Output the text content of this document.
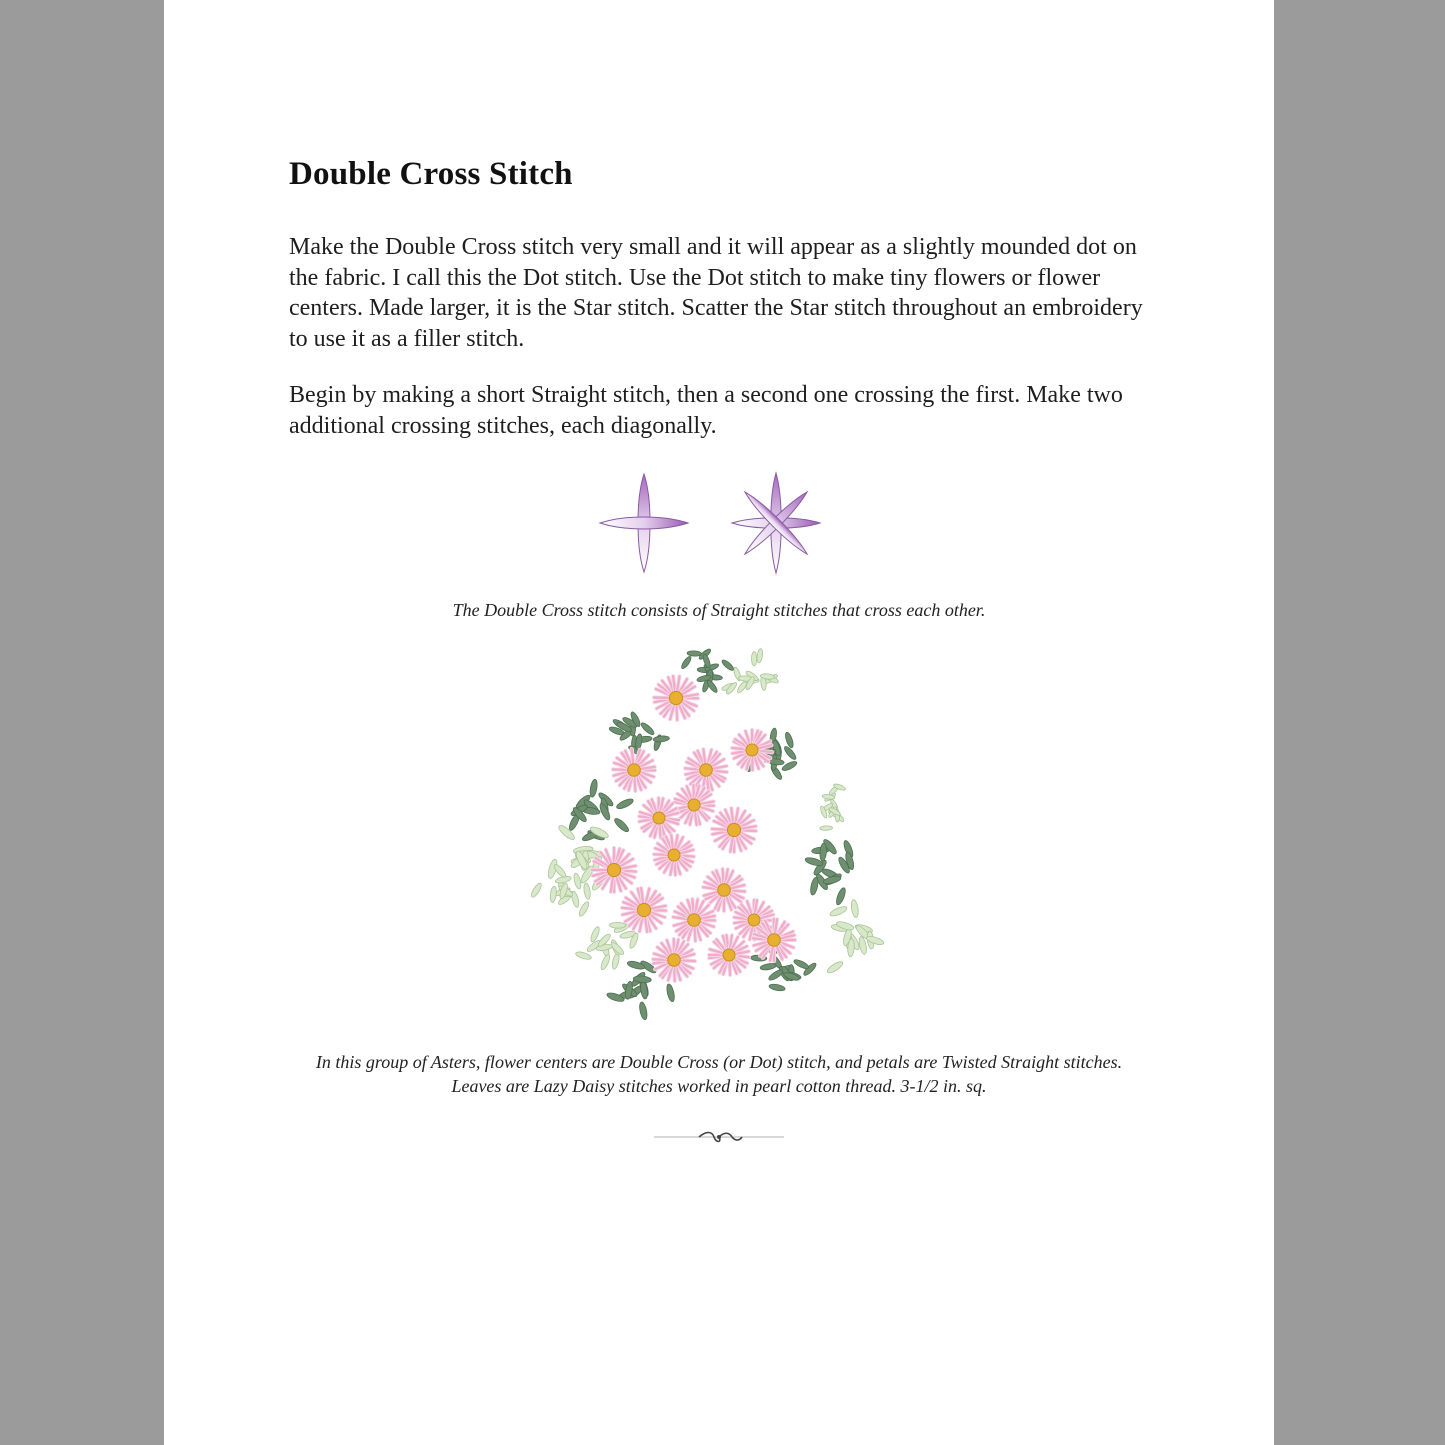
Double Cross Stitch

Make the Double Cross stitch very small and it will appear as a slightly mounded dot on the fabric. I call this the Dot stitch. Use the Dot stitch to make tiny flowers or flower centers. Made larger, it is the Star stitch. Scatter the Star stitch throughout an embroidery to use it as a filler stitch.

Begin by making a short Straight stitch, then a second one crossing the first. Make two additional crossing stitches, each diagonally.

The Double Cross stitch consists of Straight stitches that cross each other.
In this group of Asters, flower centers are Double Cross (or Dot) stitch, and petals are Twisted Straight stitches. Leaves are Lazy Daisy stitches worked in pearl cotton thread. 3-1/2 in. sq.
